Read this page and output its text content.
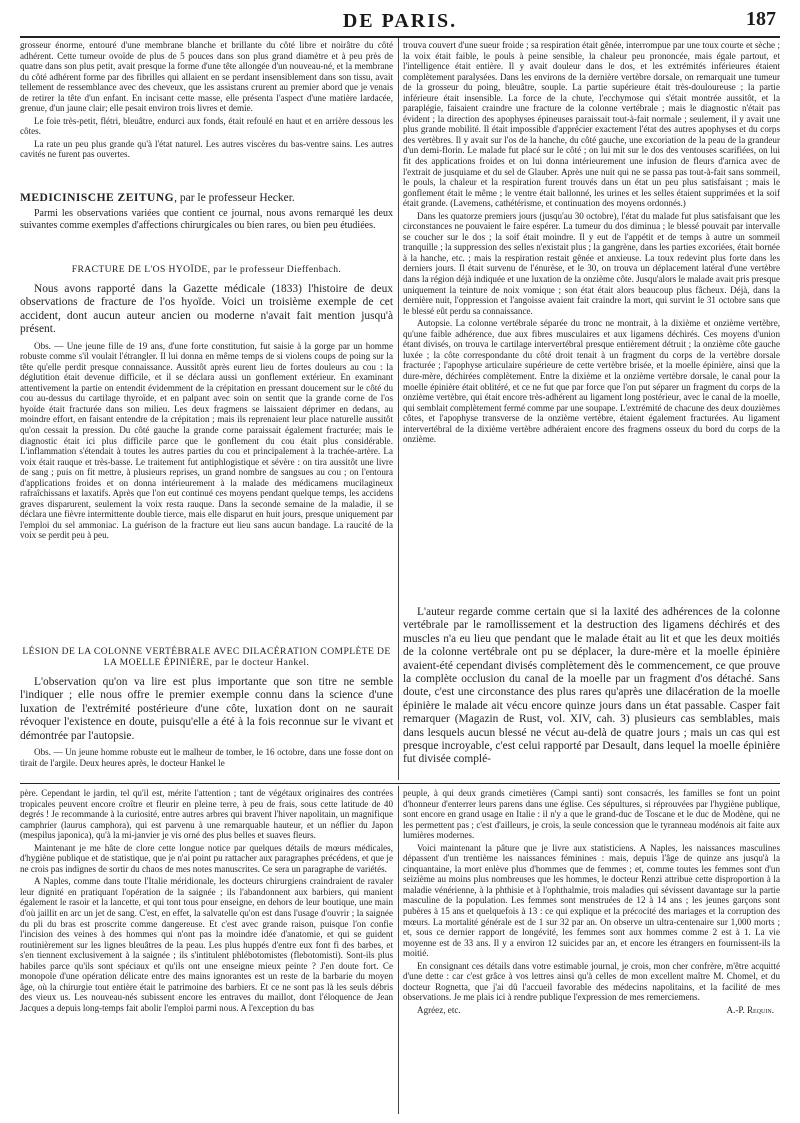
DE PARIS.	187

grosseur énorme, entouré d'une membrane blanche et brillante du côté libre et noirâtre du côté adhérent. Cette tumeur ovoïde de plus de 5 pouces dans son plus grand diamètre et à peu près de quatre dans son plus petit, avait presque la forme d'une tête allongée d'un nouveau-né, et la membrane du côté adhérent forme par des fibrilles qui allaient en se perdant insensiblement dans son tissu, avait tellement de ressemblance avec des cheveux, que les assistans crurent au premier abord que je venais de retirer la tête d'un enfant. En incisant cette masse, elle présenta l'aspect d'une matière lardacée, grenue, d'un jaune clair; elle pesait environ trois livres et demie.

Le foie très-petit, flétri, bleuâtre, endurci aux fonds, était refoulé en haut et en arrière dessous les côtes.

La rate un peu plus grande qu'à l'état naturel. Les autres viscères du bas-ventre sains. Les autres cavités ne furent pas ouvertes.

MEDICINISCHE ZEITUNG, par le professeur Hecker.

Parmi les observations variées que contient ce journal, nous avons remarqué les deux suivantes comme exemples d'affections chirurgicales ou bien rares, ou bien peu étudiées.

FRACTURE DE L'OS HYOÏDE, par le professeur Dieffenbach.

Nous avons rapporté dans la Gazette médicale (1833) l'histoire de deux observations de fracture de l'os hyoïde. Voici un troisième exemple de cet accident, dont aucun auteur ancien ou moderne n'avait fait mention jusqu'à présent.

Obs. — Une jeune fille de 19 ans, d'une forte constitution, fut saisie à la gorge par un homme robuste comme s'il voulait l'étrangler. Il lui donna en même temps de si violens coups de poing sur la tête qu'elle perdit presque connaissance. Aussitôt après eurent lieu de fortes douleurs au cou : la déglutition était devenue difficile, et il se déclara aussi un gonflement extérieur. En examinant attentivement la partie on entendit évidemment de la crépitation en pressant doucement sur le côté du cou au-dessus du cartilage thyroïde, et en palpant avec soin on sentit que la grande corne de l'os hyoïde était fracturée dans son milieu. Les deux fragmens se laissaient déprimer en dedans, au moindre effort, en faisant entendre de la crépitation ; mais ils reprenaient leur place naturelle aussitôt qu'on cessait la pression. Du côté gauche la grande corne paraissait également fracturée; mais le diagnostic était ici plus difficile parce que le gonflement du cou était plus considérable. L'inflammation s'étendait à toutes les autres parties du cou et principalement à la trachée-artère. La voix était rauque et très-basse. Le traitement fut antiphlogistique et sévère : on tira aussitôt une livre de sang ; puis on fit mettre, à plusieurs reprises, un grand nombre de sangsues au cou ; on l'entoura d'applications froides et on donna intérieurement à la malade des médicamens mucilagineux rafraîchissans et laxatifs. Après que l'on eut continué ces moyens pendant quelque temps, les accidens graves disparurent, seulement la voix resta rauque. Dans la seconde semaine de la maladie, il se déclara une fièvre intermittente double tierce, mais elle disparut en huit jours, presque uniquement par l'emploi du sel ammoniac. La guérison de la fracture eut lieu sans aucun bandage. La raucité de la voix se perdit peu à peu.

LÉSION DE LA COLONNE VERTÉBRALE AVEC DILACÉRATION COMPLÈTE DE LA MOELLE ÉPINIÈRE, par le docteur Hankel.

L'observation qu'on va lire est plus importante que son titre ne semble l'indiquer ; elle nous offre le premier exemple connu dans la science d'une luxation de l'extrémité postérieure d'une côte, luxation dont on ne saurait révoquer l'existence en doute, puisqu'elle a été à la fois reconnue sur le vivant et démontrée par l'autopsie.

Obs. — Un jeune homme robuste eut le malheur de tomber, le 16 octobre, dans une fosse dont on tirait de l'argile. Deux heures après, le docteur Hankel le

trouva couvert d'une sueur froide ; sa respiration était gênée, interrompue par une toux courte et sèche ; la voix était faible, le pouls à peine sensible, la chaleur peu prononcée, mais égale partout, et l'intelligence était entière. Il y avait douleur dans le dos, et les extrémités inférieures étaient complètement paralysées. Dans les environs de la dernière vertèbre dorsale, on remarquait une tumeur de la grosseur du poing, bleuâtre, souple. La partie supérieure était très-douloureuse ; la partie inférieure était insensible. La force de la chute, l'ecchymose qui s'était montrée aussitôt, et la paraplégie, faisaient craindre une fracture de la colonne vertébrale ; mais le diagnostic n'était pas évident ; la direction des apophyses épineuses paraissait tout-à-fait normale ; seulement, il y avait une plus grande mobilité. Il était impossible d'apprécier exactement l'état des autres apophyses et du corps des vertèbres. Il y avait sur l'os de la hanche, du côté gauche, une excoriation de la peau de la grandeur d'un demi-florin. Le malade fut placé sur le côté ; on lui mit sur le dos des ventouses scarifiées, on lui fit des applications froides et on lui donna intérieurement une infusion de fleurs d'arnica avec de l'extrait de jusquiame et du sel de Glauber. Après une nuit qui ne se passa pas tout-à-fait sans sommeil, le pouls, la chaleur et la respiration furent trouvés dans un état un peu plus satisfaisant ; mais le gonflement était le même ; le ventre était ballonné, les urines et les selles étaient supprimées et la soif était grande. (Lavemens, cathétérisme, et continuation des moyens ordonnés.)

Dans les quatorze premiers jours (jusqu'au 30 octobre), l'état du malade fut plus satisfaisant que les circonstances ne pouvaient le faire espérer. La tumeur du dos diminua ; le blessé pouvait par intervalle se coucher sur le dos ; la soif était moindre. Il y eut de l'appétit et de temps à autre un sommeil tranquille ; la suppression des selles n'existait plus ; la gangrène, dans les parties excoriées, était bornée à la hanche, etc. ; mais la respiration restait gênée et anxieuse. La toux redevint plus forte dans les derniers jours. Il était survenu de l'énurèse, et le 30, on trouva un déplacement latéral d'une vertèbre dans la région déjà indiquée et une luxation de la onzième côte. Jusqu'alors le malade avait pris presque uniquement la teinture de noix vomique ; son état était alors beaucoup plus fâcheux. Déjà, dans la dernière nuit, l'oppression et l'angoisse avaient fait craindre la mort, qui survint le 31 octobre sans que le blessé eût perdu sa connaissance.

Autopsie. La colonne vertébrale séparée du tronc ne montrait, à la dixième et onzième vertèbre, qu'une faible adhérence, due aux fibres musculaires et aux ligamens déchirés. Ces moyens d'union étant divisés, on trouva le cartilage intervertébral presque entièrement détruit ; la onzième côte gauche luxée ; la côte correspondante du côté droit tenait à un fragment du corps de la vertèbre dorsale fracturée ; l'apophyse articulaire supérieure de cette vertèbre brisée, et la moelle épinière, ainsi que la dure-mère, déchirées complètement. Entre la dixième et la onzième vertèbre dorsale, le canal pour la moelle épinière était oblitéré, et ce ne fut que par force que l'on put séparer un fragment du corps de la onzième vertèbre, qui était encore très-adhérent au ligament long postérieur, avec le canal de la moelle, qui semblait complètement fermé comme par une soupape. L'extrémité de chacune des deux douzièmes côtes, et l'apophyse transverse de la onzième vertèbre, étaient également fracturées. Au ligament intervertébral de la dixième vertèbre adhéraient encore des fragmens osseux du bord du corps de la onzième.

L'auteur regarde comme certain que si la laxité des adhérences de la colonne vertébrale par le ramollissement et la destruction des ligamens déchirés et des muscles n'a eu lieu que pendant que le malade était au lit et que les deux moitiés de la colonne vertébrale ont pu se déplacer, la dure-mère et la moelle épinière avaient-été cependant divisés complètement dès le commencement, ce que prouve la complète occlusion du canal de la moelle par un fragment d'os détaché. Sans doute, c'est une circonstance des plus rares qu'après une dilacération de la moelle épinière le malade ait vécu encore quinze jours dans un état passable. Casper fait remarquer (Magazin de Rust, vol. XIV, cah. 3) plusieurs cas semblables, mais dans lesquels aucun blessé ne vécut au-delà de quatre jours ; mais un cas qui est presque incroyable, c'est celui rapporté par Desault, dans lequel la moelle épinière fut divisée complé-

père. Cependant le jardin, tel qu'il est, mérite l'attention ; tant de végétaux originaires des contrées tropicales peuvent encore croître et fleurir en pleine terre, à peu de frais, sous cette latitude de 40 degrés ! Je recommande à la curiosité, entre autres arbres qui bravent l'hiver napolitain, un magnifique camphrier (laurus camphora), qui est parvenu à une remarquable hauteur, et un néflier du Japon (mespilus japonica), qu'à la mi-janvier je vis orné des plus belles et suaves fleurs.

Maintenant je me hâte de clore cette longue notice par quelques détails de mœurs médicales, d'hygiène publique et de statistique, que je n'ai point pu rattacher aux paragraphes précédens, et que je ne crois pas indignes de sortir du chaos de mes notes manuscrites. Ce sera un paragraphe de variétés.

A Naples, comme dans toute l'Italie méridionale, les docteurs chirurgiens craindraient de ravaler leur dignité en pratiquant l'opération de la saignée ; ils l'abandonnent aux barbiers, qui manient également le rasoir et la lancette, et qui tont tous pour enseigne, en dehors de leur boutique, une main d'où jaillit en arc un jet de sang. C'est, en effet, la salvatelle qu'on est dans l'usage d'ouvrir ; la saignée du pli du bras est proscrite comme dangereuse. Et c'est avec grande raison, puisque l'on confie l'incision des veines à des hommes qui n'ont pas la moindre idée d'anatomie, et qui se guident routinièrement sur les lignes bleuâtres de la peau. Les plus huppés d'entre eux font fi des barbes, et s'en tiennent exclusivement à la saignée ; ils s'intitulent phlébotomistes (flebotomisti). Sont-ils plus habiles parce qu'ils sont spéciaux et qu'ils ont une enseigne mieux peinte ? J'en doute fort. Ce monopole d'une opération délicate entre des mains ignorantes est un reste de la barbarie du moyen âge, où la chirurgie tout entière était le patrimoine des barbiers. Et ce ne sont pas là les seuls débris des vieux us. Les nouveau-nés subissent encore les entraves du maillot, dont l'éloquence de Jean Jacques a depuis long-temps fait abolir l'emploi parmi nous. A l'exception du bas

peuple, à qui deux grands cimetières (Campi santi) sont consacrés, les familles se font un point d'honneur d'enterrer leurs parens dans une église. Ces sépultures, si réprouvées par l'hygiène publique, sont encore en grand usage en Italie : il n'y a que le grand-duc de Toscane et le duc de Modène, qui ne les permettent pas ; c'est d'ailleurs, je crois, la seule concession que le tyranneau modénois ait faite aux lumières modernes.

Voici maintenant la pâture que je livre aux statisticiens. A Naples, les naissances masculines dépassent d'un trentième les naissances féminines : mais, depuis l'âge de quinze ans jusqu'à la cinquantaine, la mort enlève plus d'hommes que de femmes ; et, comme toutes les femmes sont d'un seizième au moins plus nombreuses que les hommes, le docteur Renzi attribue cette disproportion à la maladie vénérienne, à la phthisie et à l'ophthalmie, trois maladies qui sévissent davantage sur la partie masculine de la population. Les femmes sont menstruées de 12 à 14 ans ; les jeunes garçons sont pubères à 15 ans et quelquefois à 13 : ce qui explique et la précocité des mariages et la corruption des mœurs. La mortalité générale est de 1 sur 32 par an. On observe un ultra-centenaire sur 1,000 morts ; et, sous ce dernier rapport de longévité, les femmes sont aux hommes comme 2 est à 1. La vie moyenne est de 33 ans. Il y a environ 12 suicides par an, et encore les étrangers en fournissent-ils la moitié.

En consignant ces détails dans votre estimable journal, je crois, mon cher confrère, m'être acquitté d'une dette : car c'est grâce à vos lettres ainsi qu'à celles de mon excellent maître M. Chomel, et du docteur Rognetta, que j'ai dû l'accueil favorable des médecins napolitains, et la facilité de mes observations. Je me plais ici à rendre publique l'expression de mes remerciemens.

Agréez, etc.	A.-P. Requin.
